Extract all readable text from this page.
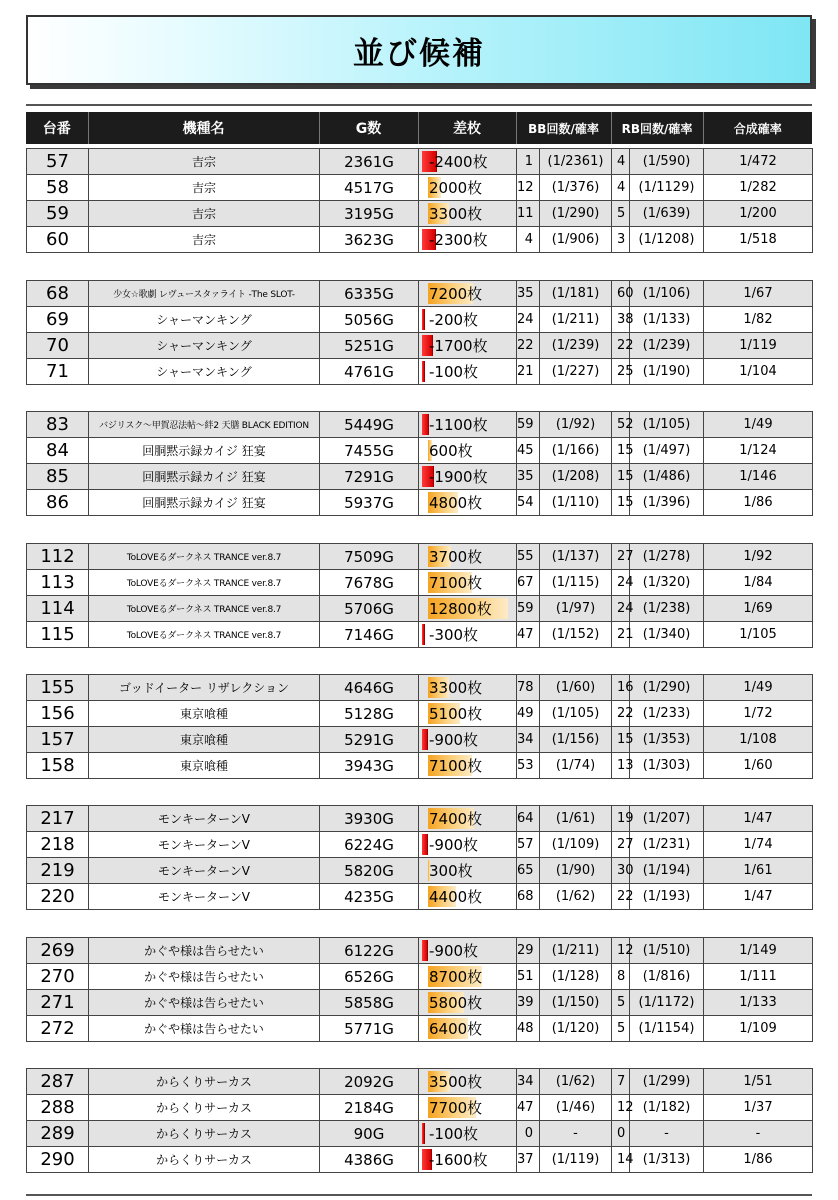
並び候補
台番	機種名	G数	差枚	BB回数/確率	RB回数/確率	合成確率
57	吉宗	2361G	-2400枚	1	(1/2361)	4	(1/590)	1/472
58	吉宗	4517G	2000枚	12	(1/376)	4	(1/1129)	1/282
59	吉宗	3195G	3300枚	11	(1/290)	5	(1/639)	1/200
60	吉宗	3623G	-2300枚	4	(1/906)	3	(1/1208)	1/518
68	少女☆歌劇 レヴュースタァライト -The SLOT-	6335G	7200枚	35	(1/181)	60	(1/106)	1/67
69	シャーマンキング	5056G	-200枚	24	(1/211)	38	(1/133)	1/82
70	シャーマンキング	5251G	-1700枚	22	(1/239)	22	(1/239)	1/119
71	シャーマンキング	4761G	-100枚	21	(1/227)	25	(1/190)	1/104
83	バジリスク～甲賀忍法帖～絆2 天膳 BLACK EDITION	5449G	-1100枚	59	(1/92)	52	(1/105)	1/49
84	回胴黙示録カイジ 狂宴	7455G	600枚	45	(1/166)	15	(1/497)	1/124
85	回胴黙示録カイジ 狂宴	7291G	-1900枚	35	(1/208)	15	(1/486)	1/146
86	回胴黙示録カイジ 狂宴	5937G	4800枚	54	(1/110)	15	(1/396)	1/86
112	ToLOVEるダークネス TRANCE ver.8.7	7509G	3700枚	55	(1/137)	27	(1/278)	1/92
113	ToLOVEるダークネス TRANCE ver.8.7	7678G	7100枚	67	(1/115)	24	(1/320)	1/84
114	ToLOVEるダークネス TRANCE ver.8.7	5706G	12800枚	59	(1/97)	24	(1/238)	1/69
115	ToLOVEるダークネス TRANCE ver.8.7	7146G	-300枚	47	(1/152)	21	(1/340)	1/105
155	ゴッドイーター リザレクション	4646G	3300枚	78	(1/60)	16	(1/290)	1/49
156	東京喰種	5128G	5100枚	49	(1/105)	22	(1/233)	1/72
157	東京喰種	5291G	-900枚	34	(1/156)	15	(1/353)	1/108
158	東京喰種	3943G	7100枚	53	(1/74)	13	(1/303)	1/60
217	モンキーターンV	3930G	7400枚	64	(1/61)	19	(1/207)	1/47
218	モンキーターンV	6224G	-900枚	57	(1/109)	27	(1/231)	1/74
219	モンキーターンV	5820G	300枚	65	(1/90)	30	(1/194)	1/61
220	モンキーターンV	4235G	4400枚	68	(1/62)	22	(1/193)	1/47
269	かぐや様は告らせたい	6122G	-900枚	29	(1/211)	12	(1/510)	1/149
270	かぐや様は告らせたい	6526G	8700枚	51	(1/128)	8	(1/816)	1/111
271	かぐや様は告らせたい	5858G	5800枚	39	(1/150)	5	(1/1172)	1/133
272	かぐや様は告らせたい	5771G	6400枚	48	(1/120)	5	(1/1154)	1/109
287	からくりサーカス	2092G	3500枚	34	(1/62)	7	(1/299)	1/51
288	からくりサーカス	2184G	7700枚	47	(1/46)	12	(1/182)	1/37
289	からくりサーカス	90G	-100枚	0	-	0	-	-
290	からくりサーカス	4386G	-1600枚	37	(1/119)	14	(1/313)	1/86
